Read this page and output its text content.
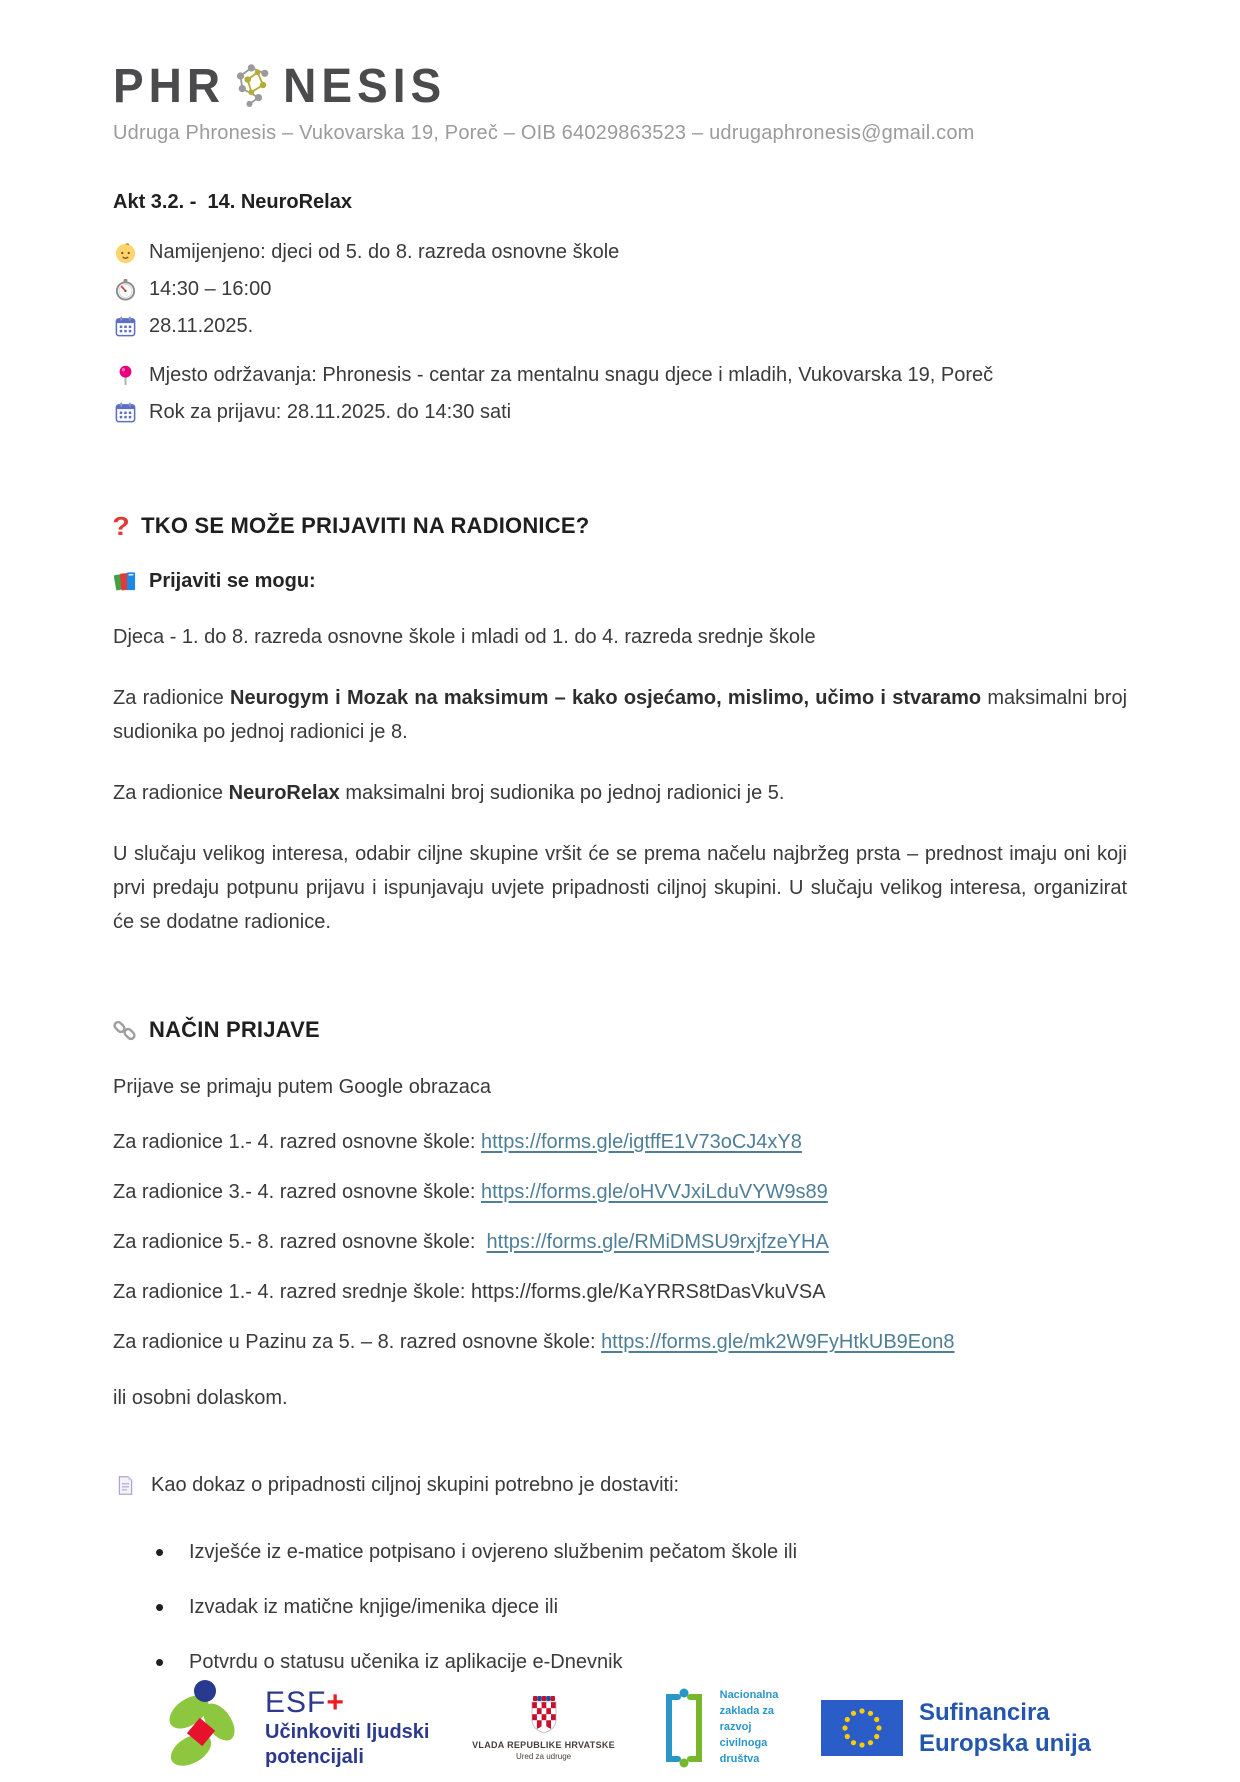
PHR NESIS
Udruga Phronesis – Vukovarska 19, Poreč – OIB 64029863523 – udrugaphronesis@gmail.com
Akt 3.2. -  14. NeuroRelax
Namijenjeno: djeci od 5. do 8. razreda osnovne škole
14:30 – 16:00
28.11.2025.
Mjesto održavanja: Phronesis - centar za mentalnu snagu djece i mladih, Vukovarska 19, Poreč
Rok za prijavu: 28.11.2025. do 14:30 sati
? TKO SE MOŽE PRIJAVITI NA RADIONICE?
Prijaviti se mogu:

Djeca - 1. do 8. razreda osnovne škole i mladi od 1. do 4. razreda srednje škole

Za radionice Neurogym i Mozak na maksimum – kako osjećamo, mislimo, učimo i stvaramo maksimalni broj sudionika po jednoj radionici je 8.

Za radionice NeuroRelax maksimalni broj sudionika po jednoj radionici je 5.

U slučaju velikog interesa, odabir ciljne skupine vršit će se prema načelu najbržeg prsta – prednost imaju oni koji prvi predaju potpunu prijavu i ispunjavaju uvjete pripadnosti ciljnoj skupini. U slučaju velikog interesa, organizirat će se dodatne radionice.

NAČIN PRIJAVE

Prijave se primaju putem Google obrazaca

Za radionice 1.- 4. razred osnovne škole: https://forms.gle/igtffE1V73oCJ4xY8
Za radionice 3.- 4. razred osnovne škole: https://forms.gle/oHVVJxiLduVYW9s89
Za radionice 5.- 8. razred osnovne škole:  https://forms.gle/RMiDMSU9rxjfzeYHA
Za radionice 1.- 4. razred srednje škole: https://forms.gle/KaYRRS8tDasVkuVSA
Za radionice u Pazinu za 5. – 8. razred osnovne škole: https://forms.gle/mk2W9FyHtkUB9Eon8

ili osobni dolaskom.

Kao dokaz o pripadnosti ciljnoj skupini potrebno je dostaviti:
• Izvješće iz e-matice potpisano i ovjereno službenim pečatom škole ili
• Izvadak iz matične knjige/imenika djece ili
• Potvrdu o statusu učenika iz aplikacije e-Dnevnik
ESF+
Učinkoviti ljudski
potencijali
VLADA REPUBLIKE HRVATSKE
Ured za udruge
Nacionalna
zaklada za
razvoj
civilnoga
društva
Sufinancira
Europska unija
